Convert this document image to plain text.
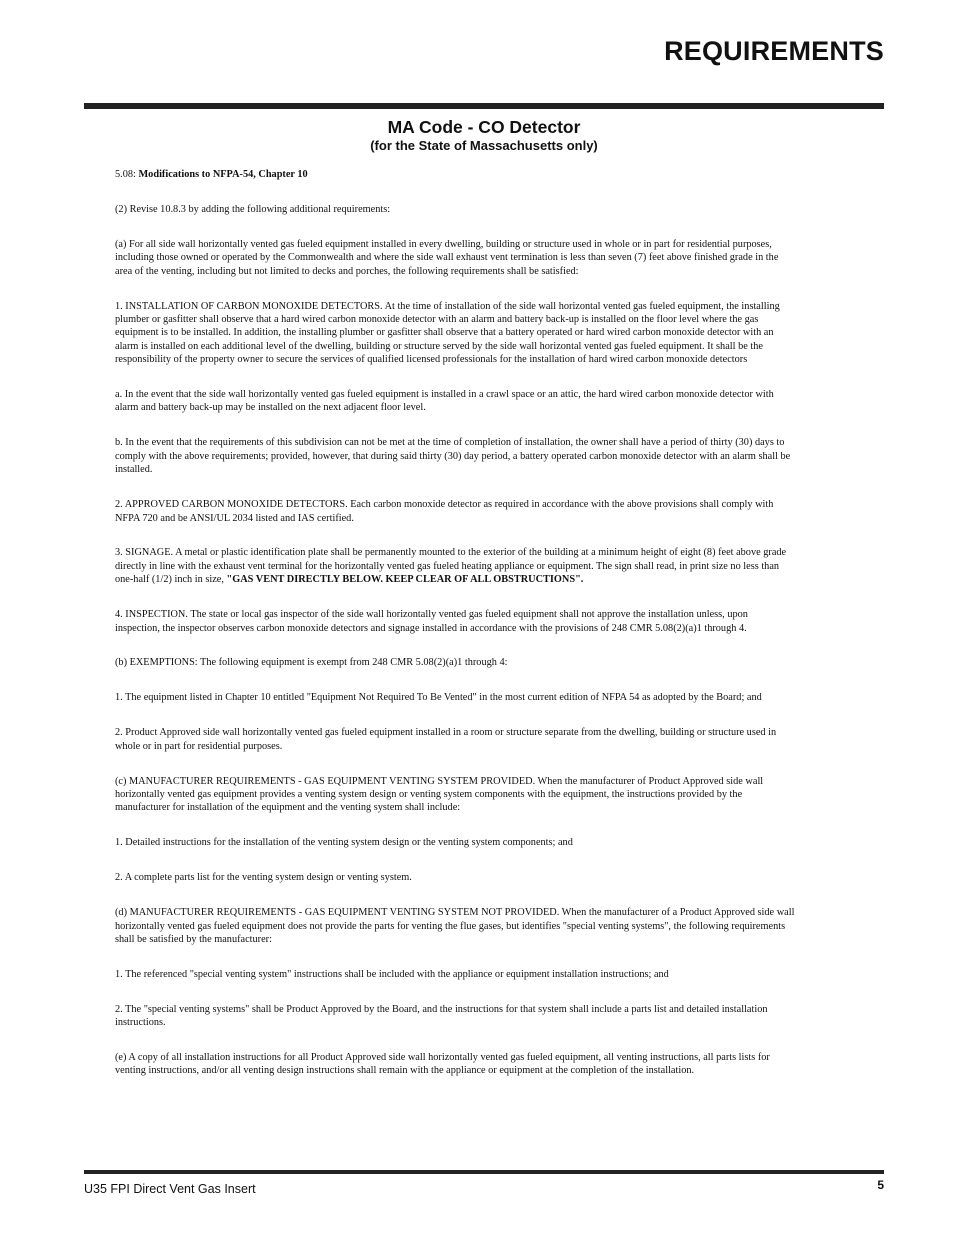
REQUIREMENTS
MA Code - CO Detector
(for the State of Massachusetts only)

5.08: Modifications to NFPA-54, Chapter 10

(2) Revise 10.8.3 by adding the following additional requirements:

(a) For all side wall horizontally vented gas fueled equipment installed in every dwelling, building or structure used in whole or in part for residential purposes, including those owned or operated by the Commonwealth and where the side wall exhaust vent termination is less than seven (7) feet above finished grade in the area of the venting, including but not limited to decks and porches, the following requirements shall be satisfied:

1. INSTALLATION OF CARBON MONOXIDE DETECTORS. At the time of installation of the side wall horizontal vented gas fueled equipment, the installing plumber or gasfitter shall observe that a hard wired carbon monoxide detector with an alarm and battery back-up is installed on the floor level where the gas equipment is to be installed. In addition, the installing plumber or gasfitter shall observe that a battery operated or hard wired carbon monoxide detector with an alarm is installed on each additional level of the dwelling, building or structure served by the side wall horizontal vented gas fueled equipment. It shall be the responsibility of the property owner to secure the services of qualified licensed professionals for the installation of hard wired carbon monoxide detectors

a. In the event that the side wall horizontally vented gas fueled equipment is installed in a crawl space or an attic, the hard wired carbon monoxide detector with alarm and battery back-up may be installed on the next adjacent floor level.

b. In the event that the requirements of this subdivision can not be met at the time of completion of installation, the owner shall have a period of thirty (30) days to comply with the above requirements; provided, however, that during said thirty (30) day period, a battery operated carbon monoxide detector with an alarm shall be installed.

2. APPROVED CARBON MONOXIDE DETECTORS. Each carbon monoxide detector as required in accordance with the above provisions shall comply with NFPA 720 and be ANSI/UL 2034 listed and IAS certified.

3. SIGNAGE. A metal or plastic identification plate shall be permanently mounted to the exterior of the building at a minimum height of eight (8) feet above grade directly in line with the exhaust vent terminal for the horizontally vented gas fueled heating appliance or equipment. The sign shall read, in print size no less than one-half (1/2) inch in size, "GAS VENT DIRECTLY BELOW. KEEP CLEAR OF ALL OBSTRUCTIONS".

4. INSPECTION. The state or local gas inspector of the side wall horizontally vented gas fueled equipment shall not approve the installation unless, upon inspection, the inspector observes carbon monoxide detectors and signage installed in accordance with the provisions of 248 CMR 5.08(2)(a)1 through 4.

(b) EXEMPTIONS: The following equipment is exempt from 248 CMR 5.08(2)(a)1 through 4:

1. The equipment listed in Chapter 10 entitled "Equipment Not Required To Be Vented" in the most current edition of NFPA 54 as adopted by the Board; and

2. Product Approved side wall horizontally vented gas fueled equipment installed in a room or structure separate from the dwelling, building or structure used in whole or in part for residential purposes.

(c) MANUFACTURER REQUIREMENTS - GAS EQUIPMENT VENTING SYSTEM PROVIDED. When the manufacturer of Product Approved side wall horizontally vented gas equipment provides a venting system design or venting system components with the equipment, the instructions provided by the manufacturer for installation of the equipment and the venting system shall include:

1. Detailed instructions for the installation of the venting system design or the venting system components; and

2. A complete parts list for the venting system design or venting system.

(d) MANUFACTURER REQUIREMENTS - GAS EQUIPMENT VENTING SYSTEM NOT PROVIDED. When the manufacturer of a Product Approved side wall horizontally vented gas fueled equipment does not provide the parts for venting the flue gases, but identifies "special venting systems", the following requirements shall be satisfied by the manufacturer:

1. The referenced "special venting system" instructions shall be included with the appliance or equipment installation instructions; and

2. The "special venting systems" shall be Product Approved by the Board, and the instructions for that system shall include a parts list and detailed installation instructions.

(e) A copy of all installation instructions for all Product Approved side wall horizontally vented gas fueled equipment, all venting instructions, all parts lists for venting instructions, and/or all venting design instructions shall remain with the appliance or equipment at the completion of the installation.

U35 FPI Direct Vent Gas Insert	5
